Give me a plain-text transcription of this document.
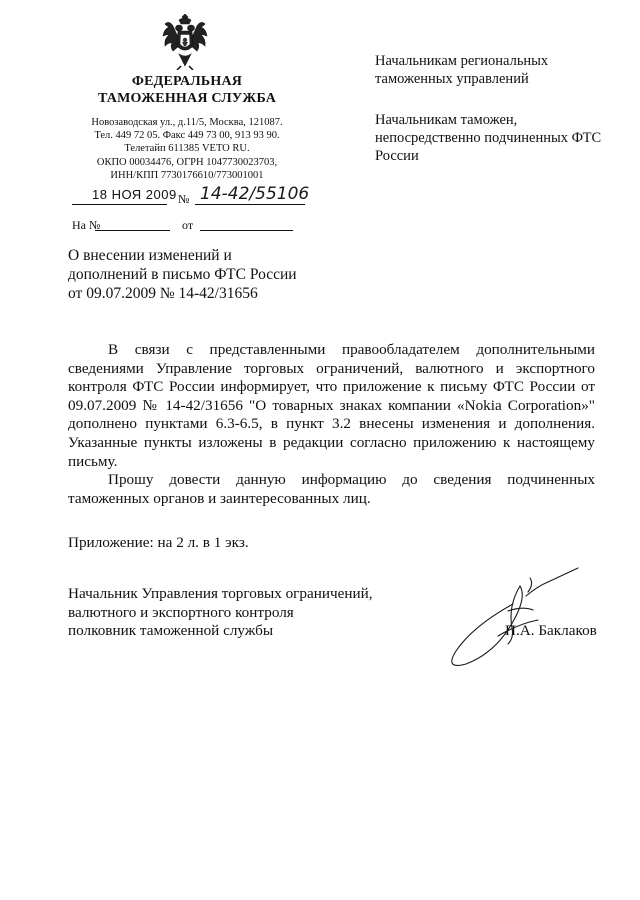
ФЕДЕРАЛЬНАЯ
ТАМОЖЕННАЯ СЛУЖБА
Новозаводская ул., д.11/5, Москва, 121087.
Тел. 449 72 05. Факс 449 73 00, 913 93 90.
Телетайп 611385 VETO RU.
ОКПО 00034476, ОГРН 1047730023703,
ИНН/КПП 7730176610/773001001
18 НОЯ 2009 № 14-42/55106
На №	от
О внесении изменений и дополнений в письмо ФТС России от 09.07.2009 № 14-42/31656
Начальникам региональных таможенных управлений
Начальникам таможен, непосредственно подчиненных ФТС России

В связи с представленными правообладателем дополнительными сведениями Управление торговых ограничений, валютного и экспортного контроля ФТС России информирует, что приложение к письму ФТС России от 09.07.2009 № 14-42/31656 "О товарных знаках компании «Nokia Corporation»" дополнено пунктами 6.3-6.5, в пункт 3.2 внесены изменения и дополнения. Указанные пункты изложены в редакции согласно приложению к настоящему письму.

Прошу довести данную информацию до сведения подчиненных таможенных органов и заинтересованных лиц.

Приложение: на 2 л. в 1 экз.
Начальник Управления торговых ограничений,
валютного и экспортного контроля
полковник таможенной службы	П.А. Баклаков
